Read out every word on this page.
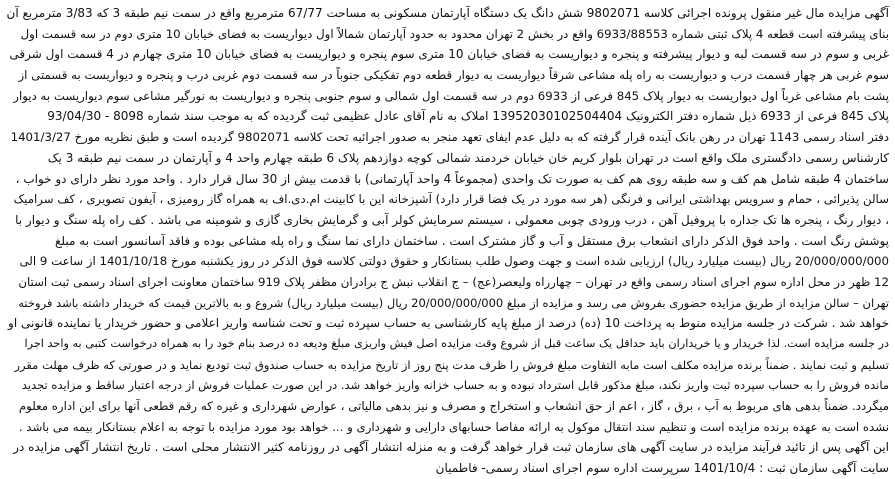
آگهی مزایده مال غیر منقول پرونده اجرائی کلاسه 9802071 شش دانگ یک دستگاه آپارتمان مسکونی به مساحت 67/77 مترمربع واقع در سمت نیم طبقه 3 که 3/83 مترمربع آن
بنای پیشرفته است قطعه 4 پلاک ثبتی شماره 6933/88553 واقع در بخش 2 تهران محدود به حدود آپارتمان شمالاً اول دیواریست به فضای خیابان 10 متری دوم در سه قسمت اول
غربی و سوم در سه قسمت لبه و دیوار پیشرفته و پنجره و دیواریست به فضای خیابان 10 متری سوم پنجره و دیواریست به فضای خیابان 10 متری چهارم در 4 قسمت اول شرقی
سوم غربی هر چهار قسمت درب و دیواریست به راه پله مشاعی شرقاً دیواریست به دیوار قطعه دوم تفکیکی جنوباً در سه قسمت دوم غربی درب و پنجره و دیواریست به قسمتی از
پشت بام مشاعی غرباً اول دیواریست به دیوار پلاک 845 فرعی از 6933 دوم در سه قسمت اول شمالی و سوم جنوبی پنجره و دیواریست به نورگیر مشاعی سوم دیواریست به دیوار
پلاک 845 فرعی از 6933 ذیل شماره دفتر الکترونیک 13952030102504404 املاک به نام آقای عادل عظیمی ثبت گردیده که به موجب سند شماره 8098 - 93/04/30
دفتر اسناد رسمی 1143 تهران در رهن بانک آینده قرار گرفته که به دلیل عدم ایفای تعهد منجر به صدور اجرائیه تحت کلاسه 9802071 گردیده است و طبق نظریه مورخ 1401/3/27
کارشناس رسمی دادگستری ملک واقع است در تهران بلوار کریم خان خیابان خردمند شمالی کوچه دوازدهم پلاک 6 طبقه چهارم واحد 4 و آپارتمان در سمت نیم طبقه 3 یک
ساختمان 4 طبقه شامل هم کف و سه طبقه روی هم کف به صورت تک واحدی (مجموعاً 4 واحد آپارتمانی) با قدمت بیش از 30 سال قرار دارد . واحد مورد نظر دارای دو خواب ،
سالن پذیرائی ، حمام و سرویس بهداشتی ایرانی و فرنگی (هر سه مورد در یک فضا قرار دارد) آشپزخانه این با کابینت ام.دی.اف به همراه گاز رومیزی ، آیفون تصویری ، کف سرامیک
، دیوار رنگ ، پنجره ها تک جداره با پروفیل آهن ، درب ورودی چوبی معمولی ، سیستم سرمایش کولر آبی و گرمایش بخاری گازی و شومینه می باشد . کف راه پله سنگ و دیوار با
پوشش رنگ است . واحد فوق الذکر دارای انشعاب برق مستقل و آب و گاز مشترک است . ساختمان دارای نما سنگ و راه پله مشاعی بوده و فاقد آسانسور است به مبلغ
20/000/000/000 ریال (بیست میلیارد ریال) ارزیابی شده است و جهت وصول طلب بستانکار و حقوق دولتی کلاسه فوق الذکر در روز یکشنبه مورخ 1401/10/18 از ساعت 9 الی
12 ظهر در محل اداره سوم اجرای اسناد رسمی واقع در تهران – چهارراه ولیعصر(عج) – ج انقلاب نبش ج برادران مظفر پلاک 919 ساختمان معاونت اجرای اسناد رسمی ثبت استان
تهران – سالن مزایده از طریق مزایده حضوری بفروش می رسد و مزایده از مبلغ 20/000/000/000 ریال (بیست میلیارد ریال) شروع و به بالاترین قیمت که خریدار داشته باشد فروخته
خواهد شد . شرکت در جلسه مزایده منوط به پرداخت 10 (ده) درصد از مبلغ پایه کارشناسی به حساب سپرده ثبت و تحت شناسه واریز اعلامی و حضور خریدار یا نماینده قانونی او
در جلسه مزایده است. لذا خریدار و یا خریداران باید حداقل یک ساعت قبل از شروع وقت مزایده اصل فیش واریزی مبلغ ودیعه ده درصد بنام خود را به همراه درخواست کتبی به واحد اجرا
تسلیم و ثبت نمایند . ضمناً برنده مزایده مکلف است مابه التفاوت مبلغ فروش را ظرف مدت پنج روز از تاریخ مزایده به حساب صندوق ثبت تودیع نماید و در صورتی که ظرف مهلت مقرر
مانده فروش را به حساب سپرده ثبت واریز نکند، مبلغ مذکور قابل استرداد نبوده و به حساب خزانه واریز خواهد شد. در این صورت عملیات فروش از درجه اعتبار ساقط و مزایده تجدید
میگردد. ضمناً بدهی های مربوط به آب ، برق ، گاز ، اعم از حق انشعاب و استخراج و مصرف و نیز بدهی مالیاتی ، عوارض شهرداری و غیره که رقم قطعی آنها برای این اداره معلوم
نشده است به عهده برنده مزایده است و تنظیم سند انتقال موکول به ارائه مفاصا حسابهای دارایی و شهرداری و ... خواهد بود مورد مزایده با توجه به اعلام بستانکار بیمه می باشد .
این آگهی پس از تائید فرآیند مزایده در سایت آگهی های سازمان ثبت قرار خواهد گرفت و به منزله انتشار آگهی در روزنامه کثیر الانتشار محلی است . تاریخ انتشار آگهی مزایده در
سایت آگهی سازمان ثبت : 1401/10/4 سرپرست اداره سوم اجرای اسناد رسمی- فاطمیان
